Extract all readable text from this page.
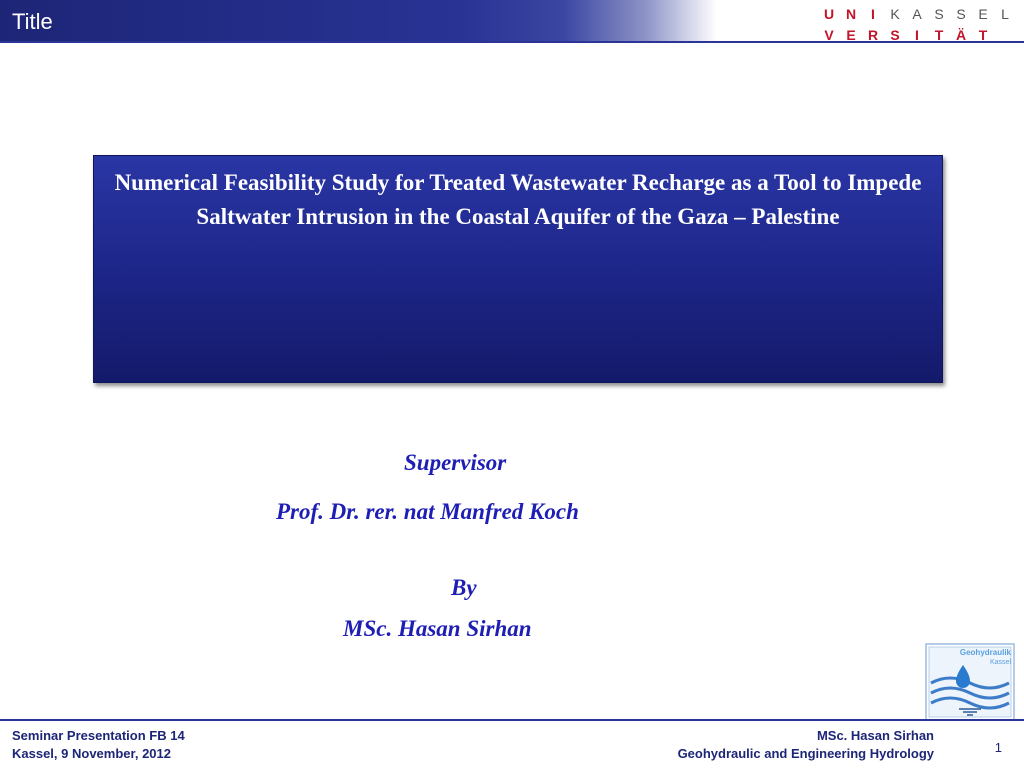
Title	U N I K A S S E L
V E R S I T Ä T
Numerical Feasibility Study for Treated Wastewater Recharge as a Tool to Impede Saltwater Intrusion in the Coastal Aquifer of the Gaza – Palestine
Supervisor
Prof. Dr. rer. nat Manfred Koch
By
MSc. Hasan Sirhan
Geohydraulik
Kassel
Seminar Presentation FB 14
Kassel, 9 November, 2012
MSc. Hasan Sirhan
Geohydraulic and Engineering Hydrology	1
